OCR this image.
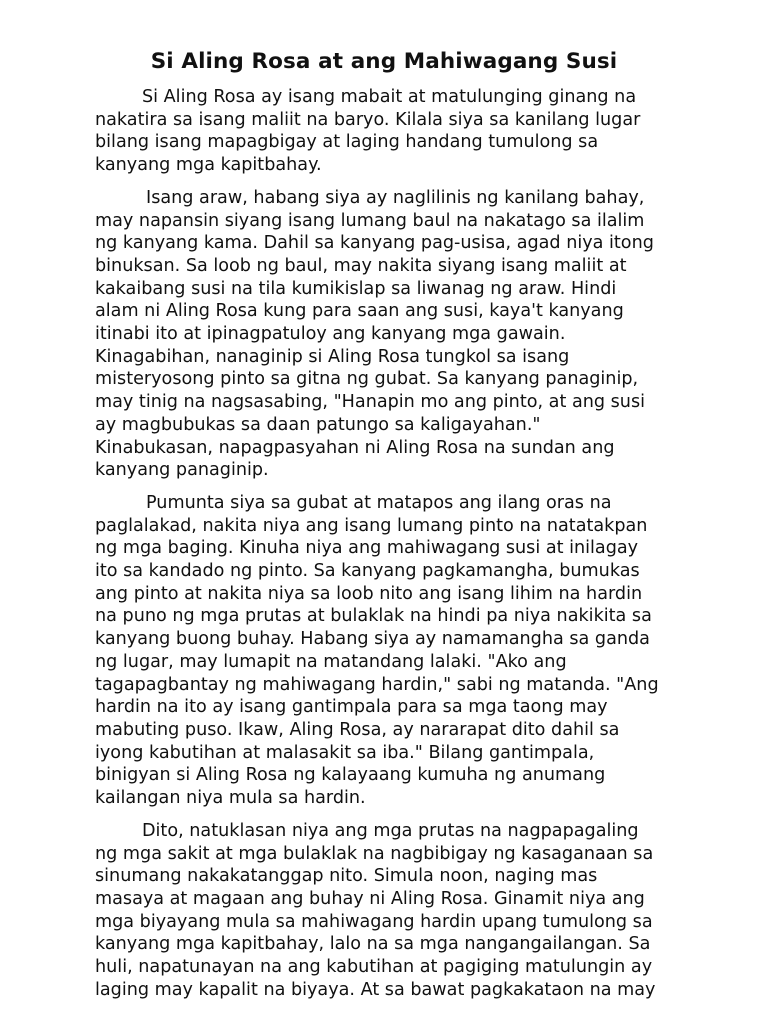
Si Aling Rosa at ang Mahiwagang Susi

Si Aling Rosa ay isang mabait at matulunging ginang na
nakatira sa isang maliit na baryo. Kilala siya sa kanilang lugar
bilang isang mapagbigay at laging handang tumulong sa
kanyang mga kapitbahay.

Isang araw, habang siya ay naglilinis ng kanilang bahay,
may napansin siyang isang lumang baul na nakatago sa ilalim
ng kanyang kama. Dahil sa kanyang pag-usisa, agad niya itong
binuksan. Sa loob ng baul, may nakita siyang isang maliit at
kakaibang susi na tila kumikislap sa liwanag ng araw. Hindi
alam ni Aling Rosa kung para saan ang susi, kaya't kanyang
itinabi ito at ipinagpatuloy ang kanyang mga gawain.
Kinagabihan, nanaginip si Aling Rosa tungkol sa isang
misteryosong pinto sa gitna ng gubat. Sa kanyang panaginip,
may tinig na nagsasabing, "Hanapin mo ang pinto, at ang susi
ay magbubukas sa daan patungo sa kaligayahan."
Kinabukasan, napagpasyahan ni Aling Rosa na sundan ang
kanyang panaginip.

Pumunta siya sa gubat at matapos ang ilang oras na
paglalakad, nakita niya ang isang lumang pinto na natatakpan
ng mga baging. Kinuha niya ang mahiwagang susi at inilagay
ito sa kandado ng pinto. Sa kanyang pagkamangha, bumukas
ang pinto at nakita niya sa loob nito ang isang lihim na hardin
na puno ng mga prutas at bulaklak na hindi pa niya nakikita sa
kanyang buong buhay. Habang siya ay namamangha sa ganda
ng lugar, may lumapit na matandang lalaki. "Ako ang
tagapagbantay ng mahiwagang hardin," sabi ng matanda. "Ang
hardin na ito ay isang gantimpala para sa mga taong may
mabuting puso. Ikaw, Aling Rosa, ay nararapat dito dahil sa
iyong kabutihan at malasakit sa iba." Bilang gantimpala,
binigyan si Aling Rosa ng kalayaang kumuha ng anumang
kailangan niya mula sa hardin.

Dito, natuklasan niya ang mga prutas na nagpapagaling
ng mga sakit at mga bulaklak na nagbibigay ng kasaganaan sa
sinumang nakakatanggap nito. Simula noon, naging mas
masaya at magaan ang buhay ni Aling Rosa. Ginamit niya ang
mga biyayang mula sa mahiwagang hardin upang tumulong sa
kanyang mga kapitbahay, lalo na sa mga nangangailangan. Sa
huli, napatunayan na ang kabutihan at pagiging matulungin ay
laging may kapalit na biyaya. At sa bawat pagkakataon na may
